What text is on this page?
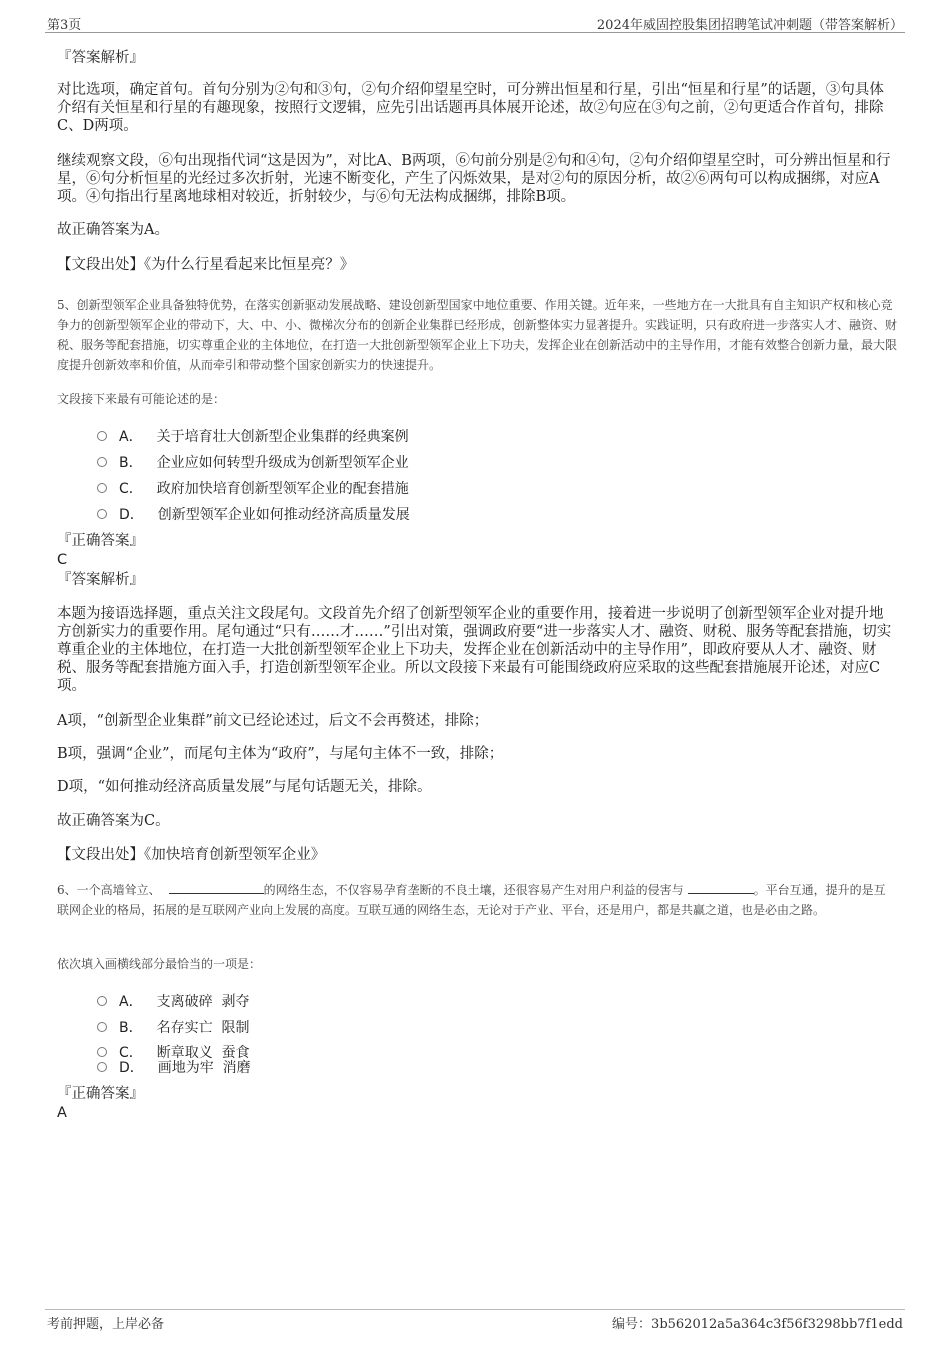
第3页	2024年威固控股集团招聘笔试冲刺题（带答案解析）
『答案解析』
对比选项，确定首句。首句分别为②句和③句，②句介绍仰望星空时，可分辨出恒星和行星，引出“恒星和行星”的话题，③句具体介绍有关恒星和行星的有趣现象，按照行文逻辑，应先引出话题再具体展开论述，故②句应在③句之前，②句更适合作首句，排除C、D两项。
继续观察文段，⑥句出现指代词“这是因为”，对比A、B两项，⑥句前分别是②句和④句，②句介绍仰望星空时，可分辨出恒星和行星，⑥句分析恒星的光经过多次折射，光速不断变化，产生了闪烁效果，是对②句的原因分析，故②⑥两句可以构成捆绑，对应A项。④句指出行星离地球相对较近，折射较少，与⑥句无法构成捆绑，排除B项。
故正确答案为A。
【文段出处】《为什么行星看起来比恒星亮？》
5、创新型领军企业具备独特优势，在落实创新驱动发展战略、建设创新型国家中地位重要、作用关键。近年来，一些地方在一大批具有自主知识产权和核心竞争力的创新型领军企业的带动下，大、中、小、微梯次分布的创新企业集群已经形成，创新整体实力显著提升。实践证明，只有政府进一步落实人才、融资、财税、服务等配套措施，切实尊重企业的主体地位，在打造一大批创新型领军企业上下功夫，发挥企业在创新活动中的主导作用，才能有效整合创新力量，最大限度提升创新效率和价值，从而牵引和带动整个国家创新实力的快速提升。
文段接下来最有可能论述的是：
A． 关于培育壮大创新型企业集群的经典案例
B． 企业应如何转型升级成为创新型领军企业
C． 政府加快培育创新型领军企业的配套措施
D． 创新型领军企业如何推动经济高质量发展
『正确答案』
C
『答案解析』
本题为接语选择题，重点关注文段尾句。文段首先介绍了创新型领军企业的重要作用，接着进一步说明了创新型领军企业对提升地方创新实力的重要作用。尾句通过“只有……才……”引出对策，强调政府要“进一步落实人才、融资、财税、服务等配套措施，切实尊重企业的主体地位，在打造一大批创新型领军企业上下功夫，发挥企业在创新活动中的主导作用”，即政府要从人才、融资、财税、服务等配套措施方面入手，打造创新型领军企业。所以文段接下来最有可能围绕政府应采取的这些配套措施展开论述，对应C项。
A项，“创新型企业集群”前文已经论述过，后文不会再赘述，排除；
B项，强调“企业”，而尾句主体为“政府”，与尾句主体不一致，排除；
D项，“如何推动经济高质量发展”与尾句话题无关，排除。
故正确答案为C。
【文段出处】《加快培育创新型领军企业》
6、一个高墙耸立、	的网络生态，不仅容易孕育垄断的不良土壤，还很容易产生对用户利益的侵害与	。平台互通，提升的是互联网企业的格局，拓展的是互联网产业向上发展的高度。互联互通的网络生态，无论对于产业、平台，还是用户，都是共赢之道，也是必由之路。
依次填入画横线部分最恰当的一项是：
A． 支离破碎  剥夺
B． 名存实亡  限制
C． 断章取义  蚕食
D． 画地为牢  消磨
『正确答案』
A
考前押题，上岸必备	编号：3b562012a5a364c3f56f3298bb7f1edd
